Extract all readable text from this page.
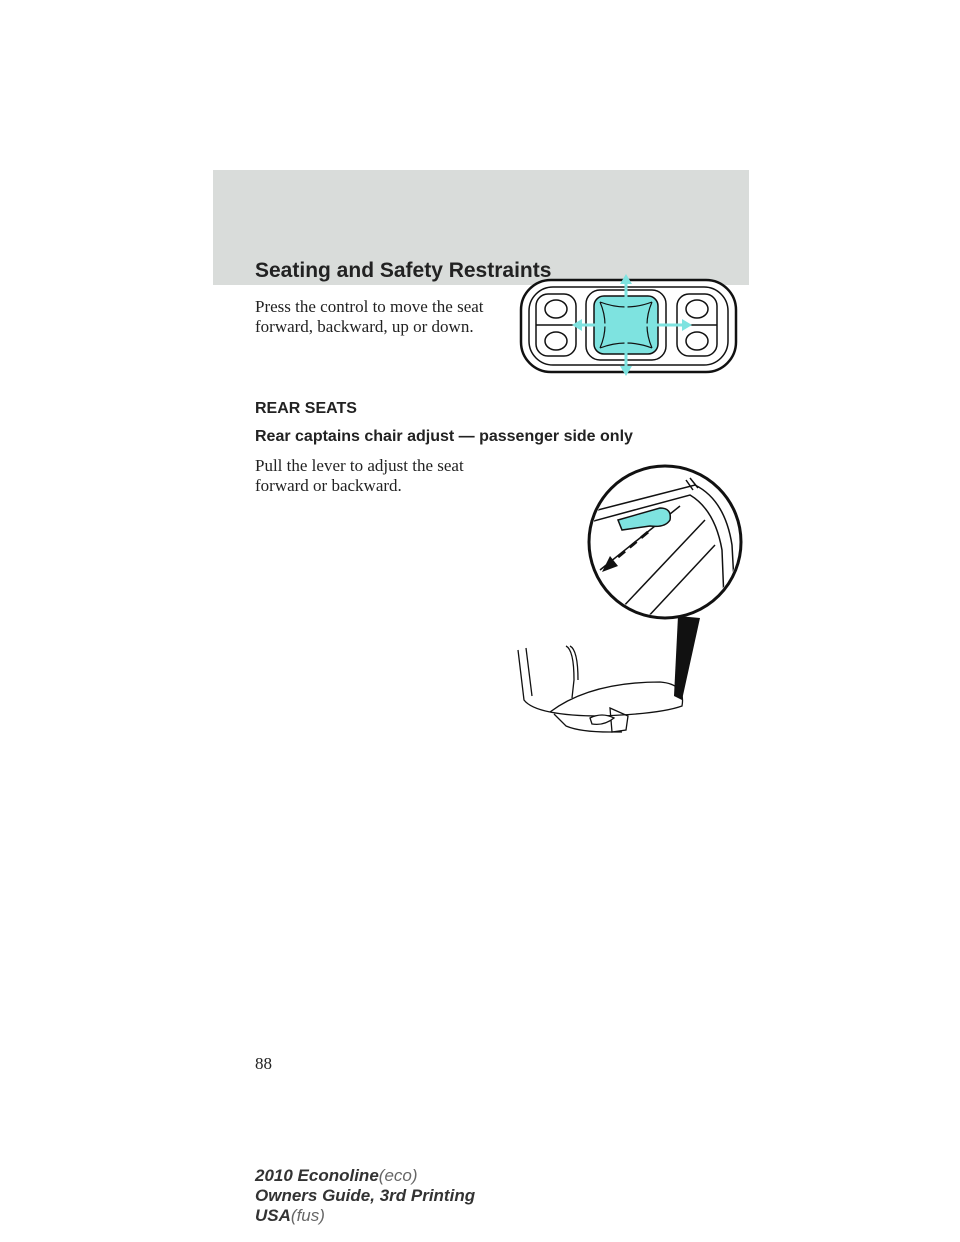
Seating and Safety Restraints
Press the control to move the seat
forward, backward, up or down.
REAR SEATS
Rear captains chair adjust — passenger side only
Pull the lever to adjust the seat
forward or backward.
88
2010 Econoline(eco)
Owners Guide, 3rd Printing
USA(fus)
